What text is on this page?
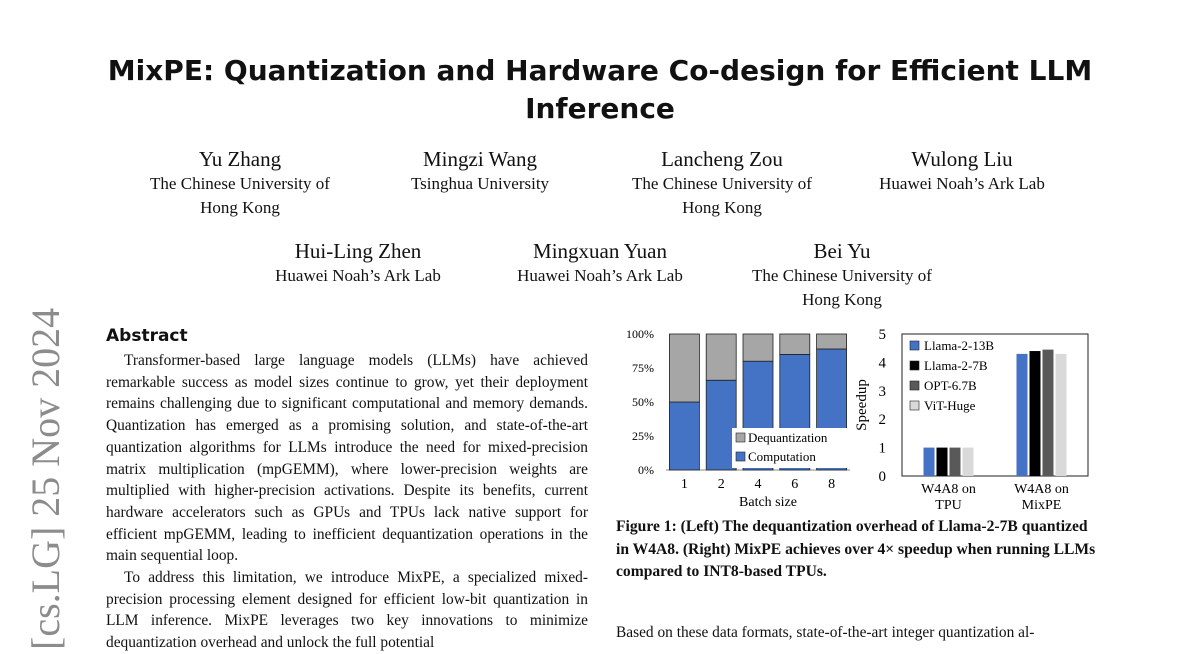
MixPE: Quantization and Hardware Co-design for Efficient LLM Inference
Yu Zhang
The Chinese University of
Hong Kong
Mingzi Wang
Tsinghua University
Lancheng Zou
The Chinese University of
Hong Kong
Wulong Liu
Huawei Noah’s Ark Lab
Hui-Ling Zhen
Huawei Noah’s Ark Lab
Mingxuan Yuan
Huawei Noah’s Ark Lab
Bei Yu
The Chinese University of
Hong Kong
[cs.LG] 25 Nov 2024 Abstract

Transformer-based large language models (LLMs) have achieved remarkable success as model sizes continue to grow, yet their deployment remains challenging due to significant computational and memory demands. Quantization has emerged as a promising solution, and state-of-the-art quantization algorithms for LLMs introduce the need for mixed-precision matrix multiplication (mpGEMM), where lower-precision weights are multiplied with higher-precision activations. Despite its benefits, current hardware accelerators such as GPUs and TPUs lack native support for efficient mpGEMM, leading to inefficient dequantization operations in the main sequential loop.

To address this limitation, we introduce MixPE, a specialized mixed-precision processing element designed for efficient low-bit quantization in LLM inference. MixPE leverages two key innovations to minimize dequantization overhead and unlock the full potential

0%
25%
50%
75%
100%
1 2 4 6 8
Batch size
Dequantization
Computation
0
1
2
3
4
5
Speedup
W4A8 on
TPU
W4A8 on
MixPE
Llama-2-13B
Llama-2-7B
OPT-6.7B
ViT-Huge

Figure 1: (Left) The dequantization overhead of Llama-2-7B quantized in W4A8. (Right) MixPE achieves over 4× speedup when running LLMs compared to INT8-based TPUs.

Based on these data formats, state-of-the-art integer quantization al-
